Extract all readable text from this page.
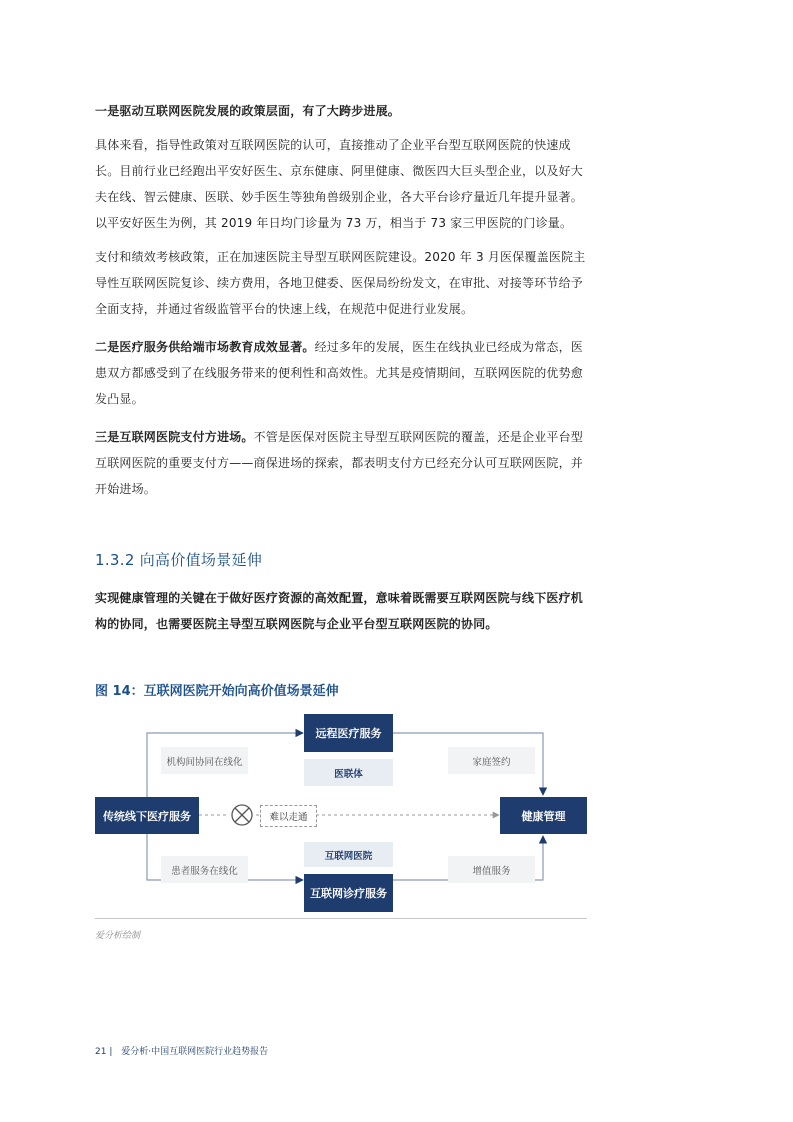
一是驱动互联网医院发展的政策层面，有了大跨步进展。
具体来看，指导性政策对互联网医院的认可，直接推动了企业平台型互联网医院的快速成长。目前行业已经跑出平安好医生、京东健康、阿里健康、微医四大巨头型企业，以及好大夫在线、智云健康、医联、妙手医生等独角兽级别企业，各大平台诊疗量近几年提升显著。以平安好医生为例，其 2019 年日均门诊量为 73 万，相当于 73 家三甲医院的门诊量。
支付和绩效考核政策，正在加速医院主导型互联网医院建设。2020 年 3 月医保覆盖医院主导性互联网医院复诊、续方费用，各地卫健委、医保局纷纷发文，在审批、对接等环节给予全面支持，并通过省级监管平台的快速上线，在规范中促进行业发展。
二是医疗服务供给端市场教育成效显著。经过多年的发展，医生在线执业已经成为常态，医患双方都感受到了在线服务带来的便利性和高效性。尤其是疫情期间，互联网医院的优势愈发凸显。
三是互联网医院支付方进场。不管是医保对医院主导型互联网医院的覆盖，还是企业平台型互联网医院的重要支付方——商保进场的探索，都表明支付方已经充分认可互联网医院，并开始进场。
1.3.2 向高价值场景延伸
实现健康管理的关键在于做好医疗资源的高效配置，意味着既需要互联网医院与线下医疗机构的协同，也需要医院主导型互联网医院与企业平台型互联网医院的协同。
图 14：互联网医院开始向高价值场景延伸
传统线下医疗服务
远程医疗服务
医联体
互联网医院
互联网诊疗服务
健康管理
机构间协同在线化
患者服务在线化
家庭签约
增值服务
难以走通
爱分析绘制
21 | 爱分析·中国互联网医院行业趋势报告
